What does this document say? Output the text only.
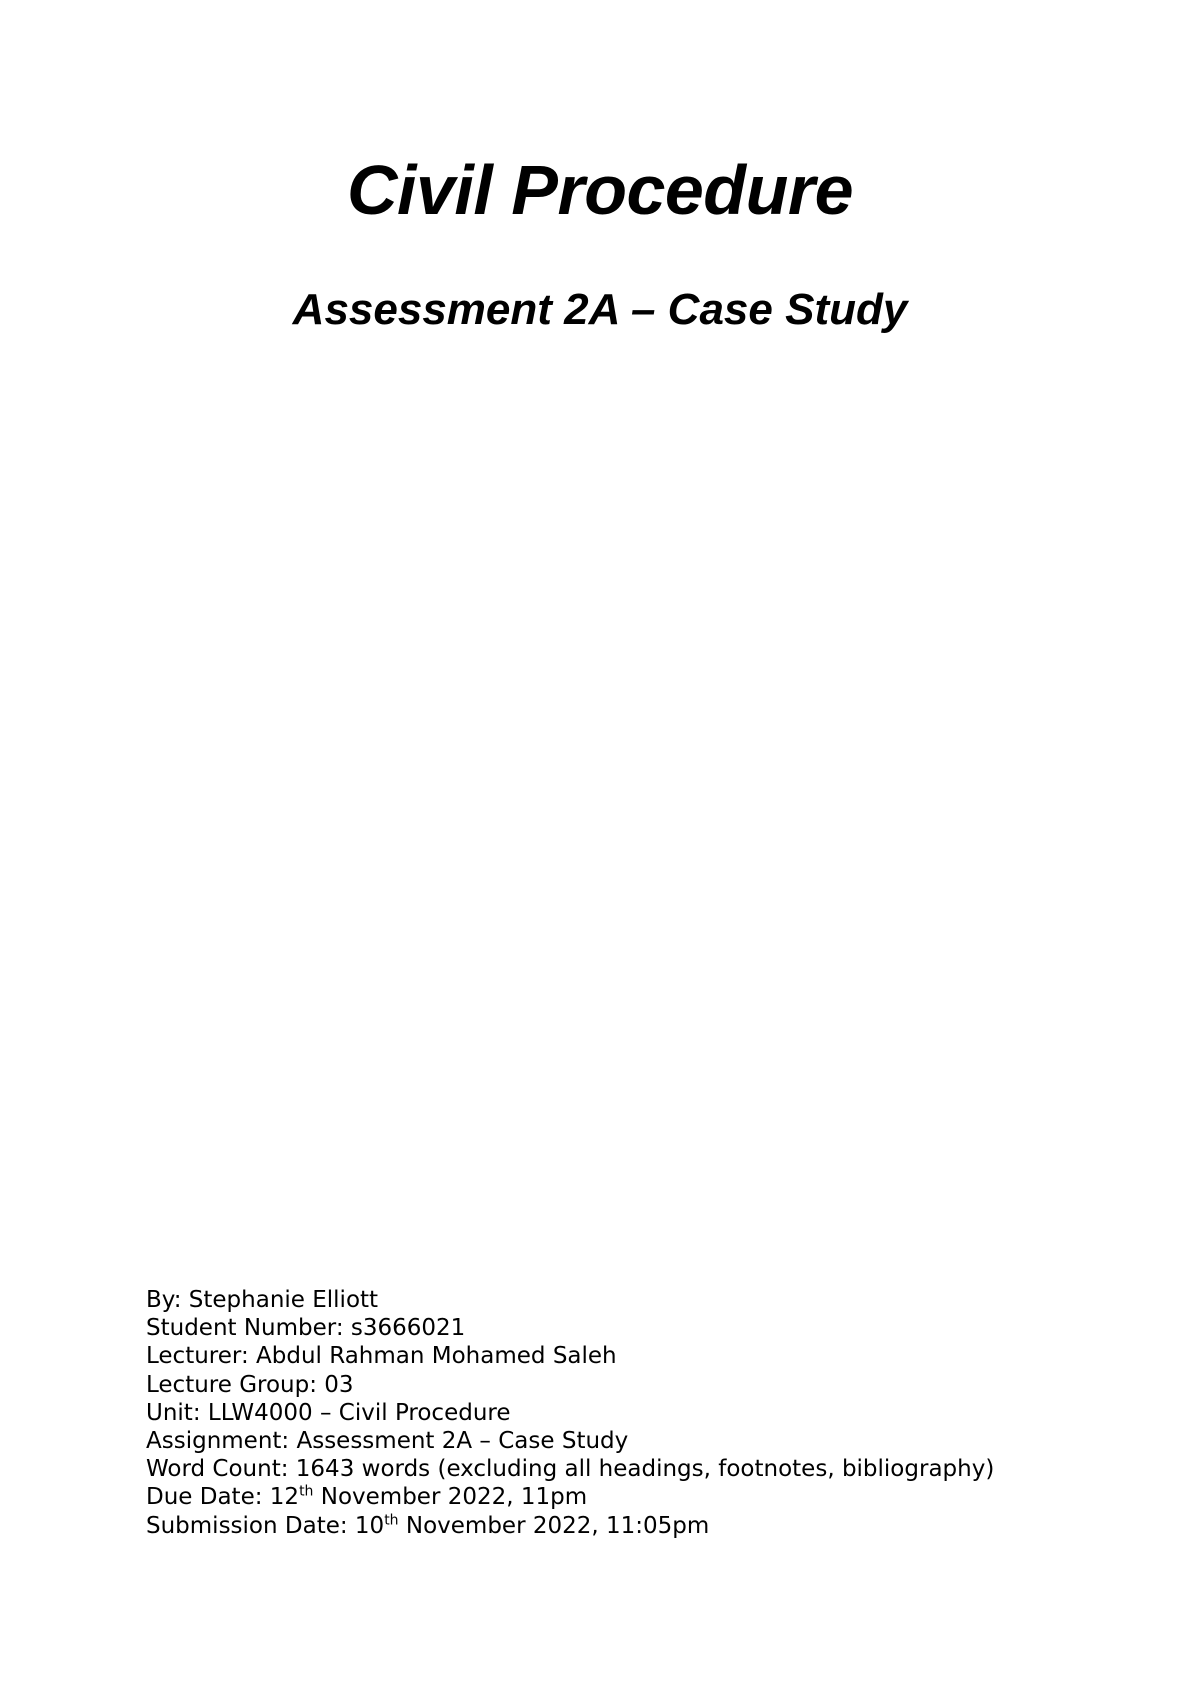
Civil Procedure
Assessment 2A – Case Study
By: Stephanie Elliott
Student Number: s3666021
Lecturer: Abdul Rahman Mohamed Saleh
Lecture Group: 03
Unit: LLW4000 – Civil Procedure
Assignment: Assessment 2A – Case Study
Word Count: 1643 words (excluding all headings, footnotes, bibliography)
Due Date: 12th November 2022, 11pm
Submission Date: 10th November 2022, 11:05pm
